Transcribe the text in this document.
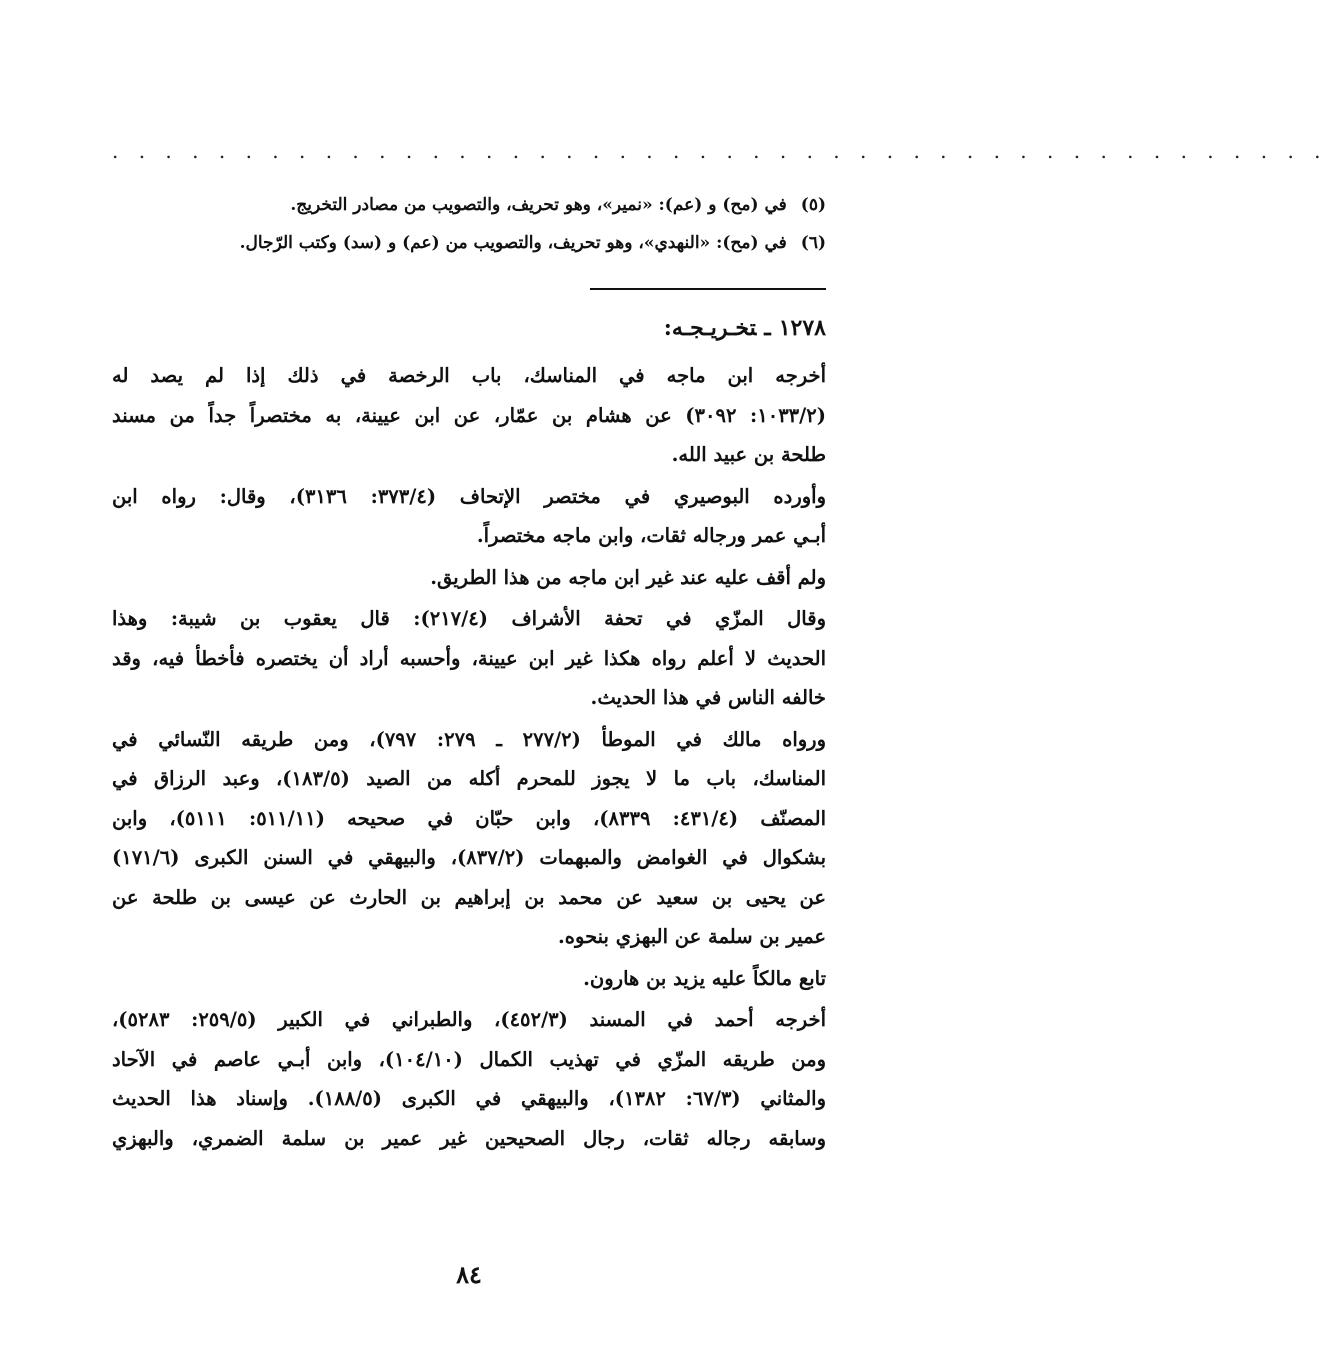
. . . . . . . . . . . . . . . . . . . . . . . . . . . . . . . . . . . . . . . . . . . . . .
(٥)في (مح) و (عم): «نمير»، وهو تحريف، والتصويب من مصادر التخريج.
(٦)في (مح): «النهدي»، وهو تحريف، والتصويب من (عم) و (سد) وكتب الرّجال.
١٢٧٨ـتخـريـجـه:
أخرجه ابن ماجه في المناسك، باب الرخصة في ذلك إذا لم يصد له
(١٠٣٣/٢: ٣٠٩٢) عن هشام بن عمّار، عن ابن عيينة، به مختصراً جداً من مسند
طلحة بن عبيد الله.
وأورده البوصيري في مختصر الإتحاف (٣٧٣/٤: ٣١٣٦)، وقال: رواه ابن
أبـي عمر ورجاله ثقات، وابن ماجه مختصراً.
ولم أقف عليه عند غير ابن ماجه من هذا الطريق.
وقال المزّي في تحفة الأشراف (٢١٧/٤): قال يعقوب بن شيبة: وهذا
الحديث لا أعلم رواه هكذا غير ابن عيينة، وأحسبه أراد أن يختصره فأخطأ فيه، وقد
خالفه الناس في هذا الحديث.
ورواه مالك في الموطأ (٢٧٧/٢ ـ ٢٧٩: ٧٩٧)، ومن طريقه النّسائي في
المناسك، باب ما لا يجوز للمحرم أكله من الصيد (١٨٣/٥)، وعبد الرزاق في
المصنّف (٤٣١/٤: ٨٣٣٩)، وابن حبّان في صحيحه (٥١١/١١: ٥١١١)، وابن
بشكوال في الغوامض والمبهمات (٨٣٧/٢)، والبيهقي في السنن الكبرى (١٧١/٦)
عن يحيى بن سعيد عن محمد بن إبراهيم بن الحارث عن عيسى بن طلحة عن
عمير بن سلمة عن البهزي بنحوه.
تابع مالكاً عليه يزيد بن هارون.
أخرجه أحمد في المسند (٤٥٢/٣)، والطبراني في الكبير (٢٥٩/٥: ٥٢٨٣)،
ومن طريقه المزّي في تهذيب الكمال (١٠٤/١٠)، وابن أبـي عاصم في الآحاد
والمثاني (٦٧/٣: ١٣٨٢)، والبيهقي في الكبرى (١٨٨/٥). وإسناد هذا الحديث
وسابقه رجاله ثقات، رجال الصحيحين غير عمير بن سلمة الضمري، والبهزي
٨٤
